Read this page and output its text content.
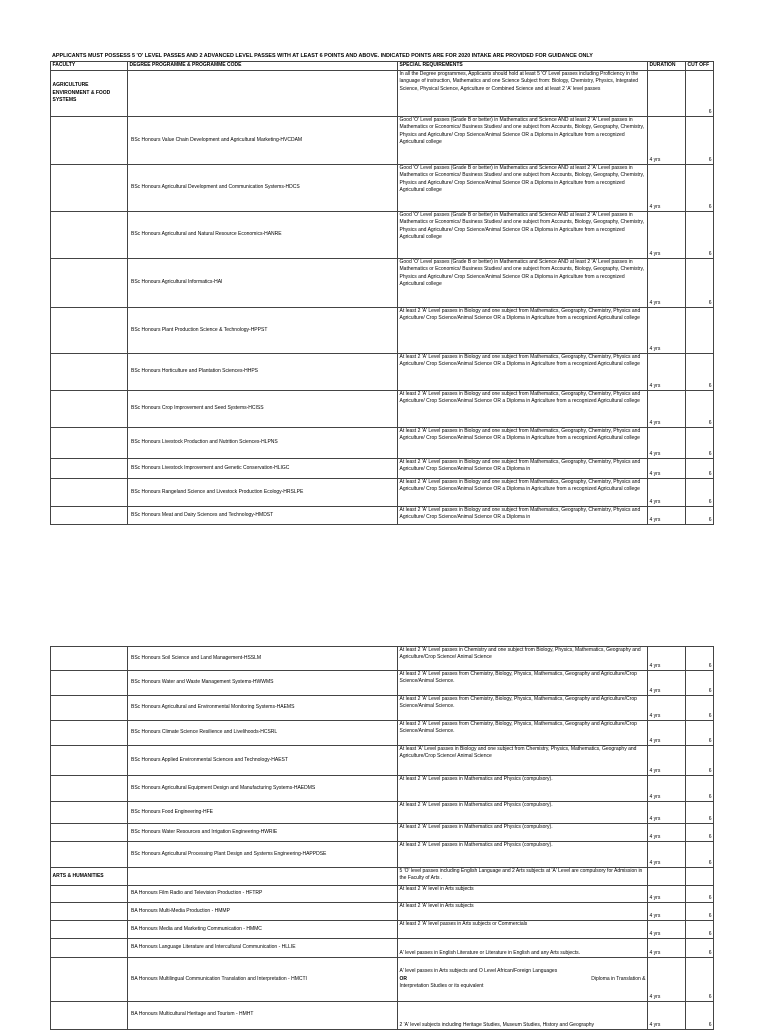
APPLICANTS MUST POSSESS 5 'O' LEVEL PASSES AND 2 ADVANCED LEVEL PASSES WITH AT LEAST 6 POINTS AND ABOVE. INDICATED POINTS ARE FOR 2020 INTAKE ARE PROVIDED FOR GUIDANCE ONLY
FACULTY	DEGREE PROGRAMME & PROGRAMME CODE	SPECIAL REQUIREMENTS	DURATION	CUT OFF
AGRICULTURE ENVIRONMENT & FOOD SYSTEMS		In all the Degree programmes, Applicants should hold at least 5 'O' Level passes including Proficiency in the language of instruction, Mathematics and one Science Subject from: Biology, Chemistry, Physics, Integrated Science, Physical Science, Agriculture or Combined Science and at least 2 'A' level passes		6
	BSc Honours Value Chain Development and Agricultural Marketing-HVCDAM	Good 'O' Level passes (Grade B or better) in Mathematics and Science AND at least 2 'A' Level passes in Mathematics or Economics/ Business Studies/ and one subject from Accounts, Biology, Geography, Chemistry, Physics and Agriculture/ Crop Science/Animal Science OR a Diploma in Agriculture from a recognized Agricultural college	4 yrs	6
	BSc Honours Agricultural Development and Communication Systems-HDCS	Good 'O' Level passes (Grade B or better) in Mathematics and Science AND at least 2 'A' Level passes in Mathematics or Economics/ Business Studies/ and one subject from Accounts, Biology, Geography, Chemistry, Physics and Agriculture/ Crop Science/Animal Science OR a Diploma in Agriculture from a recognized Agricultural college	4 yrs	6
	BSc Honours Agricultural and Natural Resource Economics-HANRE	Good 'O' Level passes (Grade B or better) in Mathematics and Science AND at least 2 'A' Level passes in Mathematics or Economics/ Business Studies/ and one subject from Accounts, Biology, Geography, Chemistry, Physics and Agriculture/ Crop Science/Animal Science OR a Diploma in Agriculture from a recognized Agricultural college	4 yrs	6
	BSc Honours Agricultural Informatics-HAI	Good 'O' Level passes (Grade B or better) in Mathematics and Science AND at least 2 'A' Level passes in Mathematics or Economics/ Business Studies/ and one subject from Accounts, Biology, Geography, Chemistry, Physics and Agriculture/ Crop Science/Animal Science OR a Diploma in Agriculture from a recognized Agricultural college	4 yrs	6
	BSc Honours Plant Production Science & Technology-HPPST	At least 2 'A' Level passes in Biology and one subject from Mathematics, Geography, Chemistry, Physics and Agriculture/ Crop Science/Animal Science OR a Diploma in Agriculture from a recognized Agricultural college	4 yrs	
	BSc Honours Horticulture and Plantation Sciences-HHPS	At least 2 'A' Level passes in Biology and one subject from Mathematics, Geography, Chemistry, Physics and Agriculture/ Crop Science/Animal Science OR a Diploma in Agriculture from a recognized Agricultural college	4 yrs	6
	BSc Honours Crop Improvement and Seed Systems-HCISS	At least 2 'A' Level passes in Biology and one subject from Mathematics, Geography, Chemistry, Physics and Agriculture/ Crop Science/Animal Science OR a Diploma in Agriculture from a recognized Agricultural college	4 yrs	6
	BSc Honours Livestock Production and Nutrition Sciences-HLPNS	At least 2 'A' Level passes in Biology and one subject from Mathematics, Geography, Chemistry, Physics and Agriculture/ Crop Science/Animal Science OR a Diploma in Agriculture from a recognized Agricultural college	4 yrs	6
	BSc Honours Livestock Improvement and Genetic Conservation-HLIGC	At least 2 'A' Level passes in Biology and one subject from Mathematics, Geography, Chemistry, Physics and Agriculture/ Crop Science/Animal Science OR a Diploma in	4 yrs	6
	BSc Honours Rangeland Science and Livestock Production Ecology-HRSLPE	At least 2 'A' Level passes in Biology and one subject from Mathematics, Geography, Chemistry, Physics and Agriculture/ Crop Science/Animal Science OR a Diploma in Agriculture from a recognized Agricultural college	4 yrs	6
	BSc Honours Meat and Dairy Sciences and Technology-HMDST	At least 2 'A' Level passes in Biology and one subject from Mathematics, Geography, Chemistry, Physics and Agriculture/ Crop Science/Animal Science OR a Diploma in	4 yrs	6
	BSc Honours Soil Science and Land Management-HSSLM	At least 2 'A' Level passes in Chemistry and one subject from Biology, Physics, Mathematics, Geography and Agriculture/Crop Science/ Animal Science	4 yrs	6
	BSc Honours Water and Waste Management Systems-HWWMS	At least 2 'A' Level passes from Chemistry, Biology, Physics, Mathematics, Geography and Agriculture/Crop Science/Animal Science.	4 yrs	6
	BSc Honours Agricultural and Environmental Monitoring Systems-HAEMS	At least 2 'A' Level passes from Chemistry, Biology, Physics, Mathematics, Geography and Agriculture/Crop Science/Animal Science.	4 yrs	6
	BSc Honours Climate Science Resilience and Livelihoods-HCSRL	At least 2 'A' Level passes from Chemistry, Biology, Physics, Mathematics, Geography and Agriculture/Crop Science/Animal Science.	4 yrs	6
	BSc Honours Applied Environmental Sciences and Technology-HAEST	At least 'A' Level passes in Biology and one subject from Chemistry, Physics, Mathematics, Geography and Agriculture/Crop Science/ Animal Science	4 yrs	6
	BSc Honours Agricultural Equipment Design and Manufacturing Systems-HAEDMS	At least 2 'A' Level passes in Mathematics and Physics (compulsory).	4 yrs	6
	BSc Honours Food Engineering-HFE	At least 2 'A' Level passes in Mathematics and Physics (compulsory).	4 yrs	6
	BSc Honours Water Resources and Irrigation Engineering-HWRIE	At least 2 'A' Level passes in Mathematics and Physics (compulsory).	4 yrs	6
	BSc Honours Agricultural Processing Plant Design and Systems Engineering-HAPPDSE	At least 2 'A' Level passes in Mathematics and Physics (compulsory).	4 yrs	6
ARTS & HUMANITIES		5 'O' level passes including English Language and 2 Arts subjects at 'A' Level are compulsory for Admission in the Faculty of Arts .		
	BA Honours Film Radio and Television Production - HFTRP	At least 2 'A' level in Arts subjects	4 yrs	6
	BA Honours Multi-Media Production - HMMP	At least 2 'A' level in Arts subjects	4 yrs	6
	BA Honours Media and Marketing Communication - HMMC	At least 2 'A' level passes in Arts subjects or Commercials	4 yrs	6
	BA Honours Language Literature and Intercultural Communication - HLLIE	A' level passes in English Literature or Literature in English and any Arts subjects.	4 yrs	6
	BA Honours Multilingual Communication Translation and Interpretation - HMCTI	A' level passes in Arts subjects and O Level African/Foreign Languages
OR Diploma in Translation &
Interpretation Studies or its equivalent	4 yrs	6
	BA Honours Multicultural Heritage and Tourism - HMHT	2 'A' level subjects including Heritage Studies, Museum Studies, History and Geography	4 yrs	6
